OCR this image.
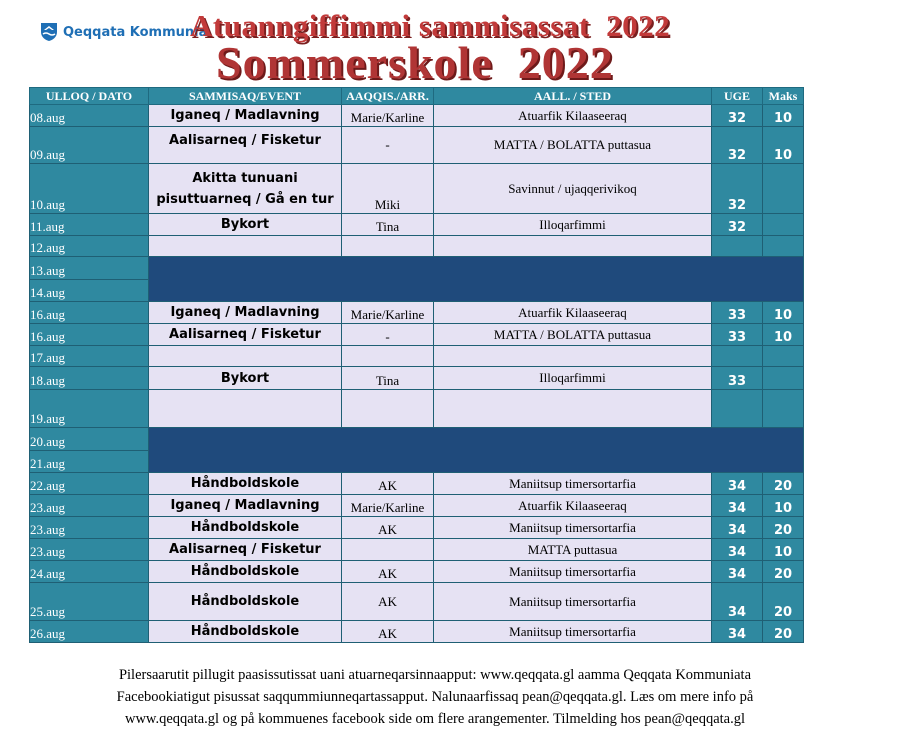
Qeqqata Kommunia
Atuanngiffimmi sammisassat  2022
Sommerskole  2022
ULLOQ / DATO	SAMMISAQ/EVENT	AAQQIS./ARR.	AALL. / STED	UGE	Maks
08.aug	Iganeq / Madlavning	Marie/Karline	Atuarfik Kilaaseeraq	32	10
09.aug	Aalisarneq / Fisketur	-	MATTA / BOLATTA puttasua	32	10
10.aug	Akitta tunuani pisuttuarneq / Gå en tur	Miki	Savinnut / ujaqqerivikoq	32	
11.aug	Bykort	Tina	Illoqarfimmi	32	
12.aug					
13.aug					
14.aug					
16.aug	Iganeq / Madlavning	Marie/Karline	Atuarfik Kilaaseeraq	33	10
16.aug	Aalisarneq / Fisketur	-	MATTA / BOLATTA puttasua	33	10
17.aug					
18.aug	Bykort	Tina	Illoqarfimmi	33	
19.aug					
20.aug					
21.aug					
22.aug	Håndboldskole	AK	Maniitsup timersortarfia	34	20
23.aug	Iganeq / Madlavning	Marie/Karline	Atuarfik Kilaaseeraq	34	10
23.aug	Håndboldskole	AK	Maniitsup timersortarfia	34	20
23.aug	Aalisarneq / Fisketur		MATTA puttasua	34	10
24.aug	Håndboldskole	AK	Maniitsup timersortarfia	34	20
25.aug	Håndboldskole	AK	Maniitsup timersortarfia	34	20
26.aug	Håndboldskole	AK	Maniitsup timersortarfia	34	20

Pilersaarutit pillugit paasissutissat uani atuarneqarsinnaapput: www.qeqqata.gl aamma Qeqqata Kommuniata

Facebookiatigut pisussat saqqummiunneqartassapput. Nalunaarfissaq pean@qeqqata.gl. Læs om mere info på

www.qeqqata.gl og på kommuenes facebook side om flere arangementer. Tilmelding hos pean@qeqqata.gl
